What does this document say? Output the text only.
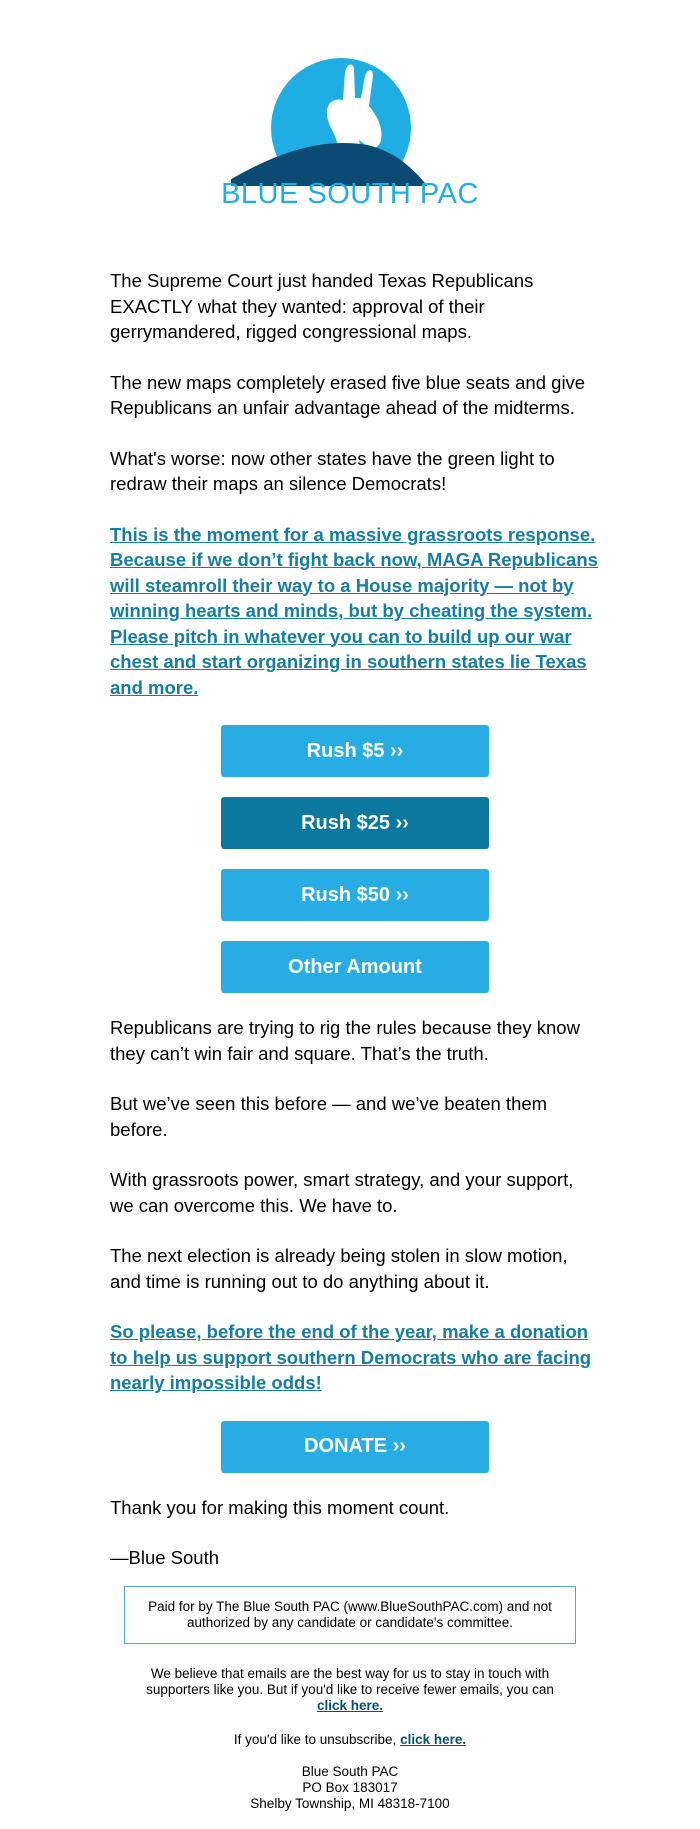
BLUE SOUTH PAC

The Supreme Court just handed Texas Republicans EXACTLY what they wanted: approval of their gerrymandered, rigged congressional maps.

The new maps completely erased five blue seats and give Republicans an unfair advantage ahead of the midterms.

What's worse: now other states have the green light to redraw their maps an silence Democrats!

This is the moment for a massive grassroots response. Because if we don’t fight back now, MAGA Republicans will steamroll their way to a House majority — not by winning hearts and minds, but by cheating the system. Please pitch in whatever you can to build up our war chest and start organizing in southern states lie Texas and more.
Rush $5 ››
Rush $25 ››
Rush $50 ››
Other Amount

Republicans are trying to rig the rules because they know they can’t win fair and square. That’s the truth.

But we’ve seen this before — and we’ve beaten them before.

With grassroots power, smart strategy, and your support, we can overcome this. We have to.

The next election is already being stolen in slow motion, and time is running out to do anything about it.

So please, before the end of the year, make a donation to help us support southern Democrats who are facing nearly impossible odds!
DONATE ››

Thank you for making this moment count.

—Blue South

Paid for by The Blue South PAC (www.BlueSouthPAC.com) and not authorized by any candidate or candidate's committee.
We believe that emails are the best way for us to stay in touch with supporters like you. But if you'd like to receive fewer emails, you can
click here.
If you'd like to unsubscribe, click here.
Blue South PAC
PO Box 183017
Shelby Township, MI 48318-7100
